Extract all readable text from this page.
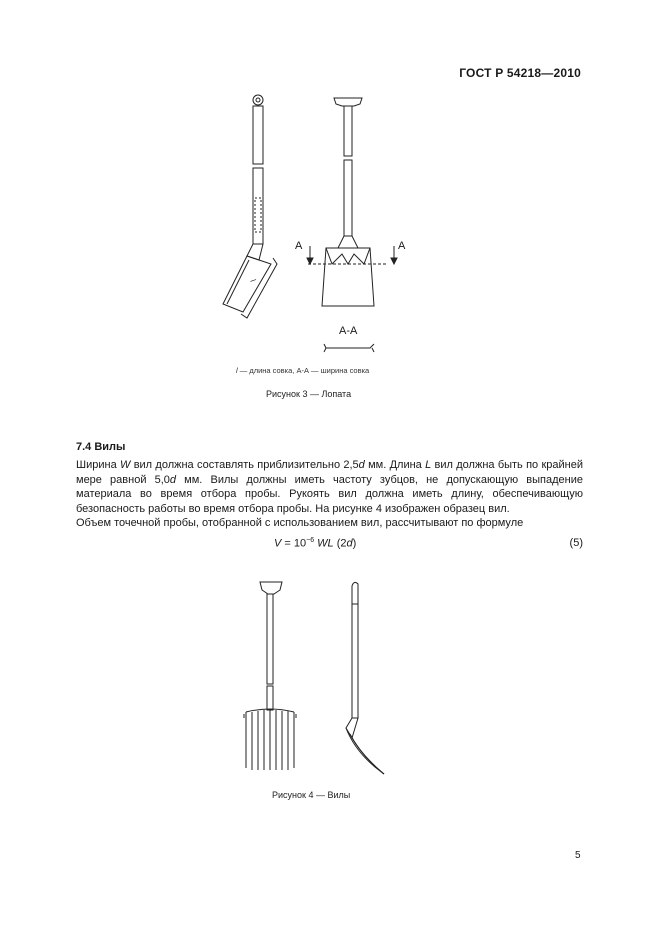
ГОСТ Р 54218—2010
l
A	A
A-A
l — длина совка, А-А — ширина совка
Рисунок 3 — Лопата
7.4 Вилы
Ширина W вил должна составлять приблизительно 2,5d мм. Длина L вил должна быть по крайней мере равной 5,0d мм. Вилы должны иметь частоту зубцов, не допускающую выпадение материала во время отбора пробы. Рукоять вил должна иметь длину, обеспечивающую безопасность работы во время отбора пробы. На рисунке 4 изображен образец вил.
Объем точечной пробы, отобранной с использованием вил, рассчитывают по формуле
$V = 10^{-6}$ WL (2d)	(5)
Рисунок 4 — Вилы
5
